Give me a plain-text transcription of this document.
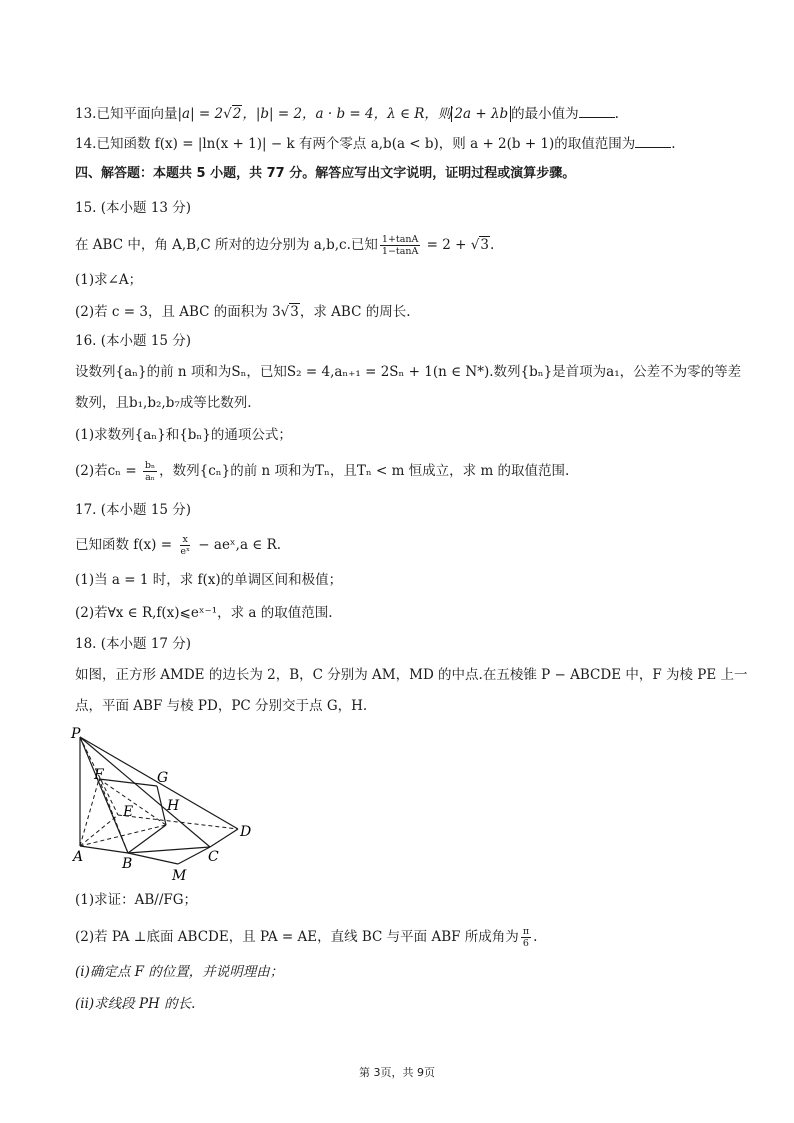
13.已知平面向量|a| = 2√2，|b| = 2，a · b = 4，λ ∈ R，则 2a + λb 的最小值为	.
14.已知函数 f(x) = |ln(x + 1)| − k 有两个零点 a,b(a < b)，则 a + 2(b + 1)的取值范围为	.
四、解答题：本题共 5 小题，共 77 分。解答应写出文字说明，证明过程或演算步骤。
15. (本小题 13 分)
在 ABC 中，角 A,B,C 所对的边分别为 a,b,c.已知 $\frac{1+\tan A}{1-\tan A} = 2 + √3$.
(1)求∠A；
(2)若 c = 3，且 ABC 的面积为 3√3，求 ABC 的周长.
16. (本小题 15 分)
设数列{aₙ}的前 n 项和为Sₙ，已知S₂ = 4,aₙ₊₁ = 2Sₙ + 1(n ∈ N*).数列{bₙ}是首项为a₁，公差不为零的等差
数列，且b₁,b₂,b₇成等比数列.
(1)求数列{aₙ}和{bₙ}的通项公式；
(2)若$c_n = \frac{\text{bₙ}}{\text{aₙ}}$ ，数列{cₙ}的前 n 项和为Tₙ，且Tₙ < m 恒成立，求 m 的取值范围.
17. (本小题 15 分)
已知函数 $f(x) = \frac{x}{\text{eˣ}}$ − aeˣ,a ∈ R.
(1)当 a = 1 时，求 f(x)的单调区间和极值；
(2)若∀x ∈ R,f(x)⩽eˣ⁻¹，求 a 的取值范围.
18. (本小题 17 分)
如图，正方形 AMDE 的边长为 2，B，C 分别为 AM，MD 的中点.在五棱锥 P − ABCDE 中，F 为棱 PE 上一
点，平面 ABF 与棱 PD，PC 分别交于点 G，H.
P
F	G
E H
D
A	B	C
M
(1)求证：AB//FG；
(2)若 PA ⊥底面 ABCDE，且 PA = AE，直线 BC 与平面 ABF 所成角为 $\frac{\pi}{6}$ .
(i)确定点 F 的位置，并说明理由；
(ii)求线段 PH 的长.
第 3页，共 9页
